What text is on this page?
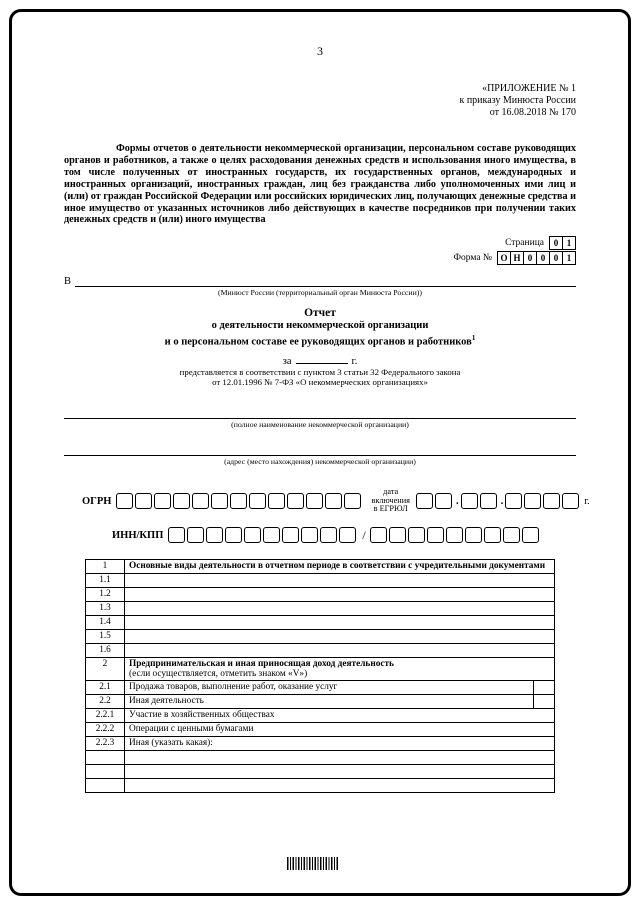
3
«ПРИЛОЖЕНИЕ № 1
к приказу Минюста России
от 16.08.2018 № 170
Формы отчетов о деятельности некоммерческой организации, персональном составе руководящих органов и работников, а также о целях расходования денежных средств и использования иного имущества, в том числе полученных от иностранных государств, их государственных органов, международных и иностранных организаций, иностранных граждан, лиц без гражданства либо уполномоченных ими лиц и (или) от граждан Российской Федерации или российских юридических лиц, получающих денежные средства и иное имущество от указанных источников либо действующих в качестве посредников при получении таких денежных средств и (или) иного имущества
Страница	0 1
Форма № О Н 0 0 0 1
В
(Минюст России (территориальный орган Минюста России))
Отчет
о деятельности некоммерческой организации
и о персональном составе ее руководящих органов и работников$^1$
за	г.
представляется в соответствии с пунктом 3 статьи 32 Федерального закона
от 12.01.1996 № 7-ФЗ «О некоммерческих организациях»
(полное наименование некоммерческой организации)
(адрес (место нахождения) некоммерческой организации)
ОГРН
дата включения
в ЕГРЮЛ
.	.	г.
ИНН/КПП	/
1	Основные виды деятельности в отчетном периоде в соответствии с учредительными документами	

1.1		
1.2		
1.3		
1.4		
1.5		
1.6		
2	Предпринимательская и иная приносящая доход деятельность
(если осуществляется, отметить знаком «V»)	

2.1	Продажа товаров, выполнение работ, оказание услуг	

2.2	Иная деятельность	

2.2.1	Участие в хозяйственных обществах	

2.2.2	Операции с ценными бумагами	

2.2.3	Иная (указать какая):	
